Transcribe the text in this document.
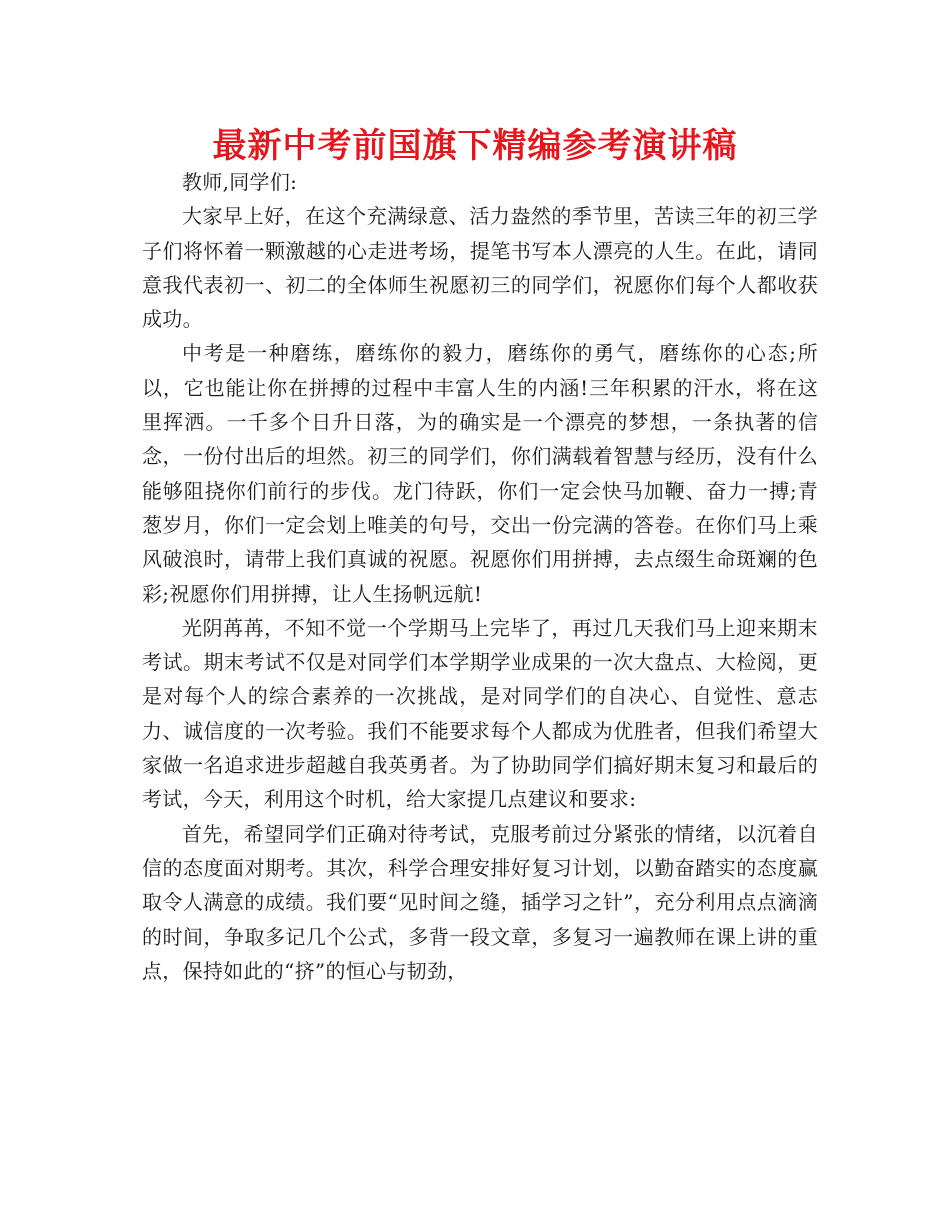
最新中考前国旗下精编参考演讲稿

教师,同学们:

大家早上好，在这个充满绿意、活力盎然的季节里，苦读三年的初三学子们将怀着一颗激越的心走进考场，提笔书写本人漂亮的人生。在此，请同意我代表初一、初二的全体师生祝愿初三的同学们，祝愿你们每个人都收获成功。

中考是一种磨练，磨练你的毅力，磨练你的勇气，磨练你的心态;所以，它也能让你在拼搏的过程中丰富人生的内涵!三年积累的汗水，将在这里挥洒。一千多个日升日落，为的确实是一个漂亮的梦想，一条执著的信念，一份付出后的坦然。初三的同学们，你们满载着智慧与经历，没有什么能够阻挠你们前行的步伐。龙门待跃，你们一定会快马加鞭、奋力一搏;青葱岁月，你们一定会划上唯美的句号，交出一份完满的答卷。在你们马上乘风破浪时，请带上我们真诚的祝愿。祝愿你们用拼搏，去点缀生命斑斓的色彩;祝愿你们用拼搏，让人生扬帆远航!

光阴苒苒，不知不觉一个学期马上完毕了，再过几天我们马上迎来期末考试。期末考试不仅是对同学们本学期学业成果的一次大盘点、大检阅，更是对每个人的综合素养的一次挑战，是对同学们的自决心、自觉性、意志力、诚信度的一次考验。我们不能要求每个人都成为优胜者，但我们希望大家做一名追求进步超越自我英勇者。为了协助同学们搞好期末复习和最后的考试，今天，利用这个时机，给大家提几点建议和要求:

首先，希望同学们正确对待考试，克服考前过分紧张的情绪，以沉着自信的态度面对期考。其次，科学合理安排好复习计划，以勤奋踏实的态度赢取令人满意的成绩。我们要“见时间之缝，插学习之针”，充分利用点点滴滴的时间，争取多记几个公式，多背一段文章，多复习一遍教师在课上讲的重点，保持如此的“挤”的恒心与韧劲，
